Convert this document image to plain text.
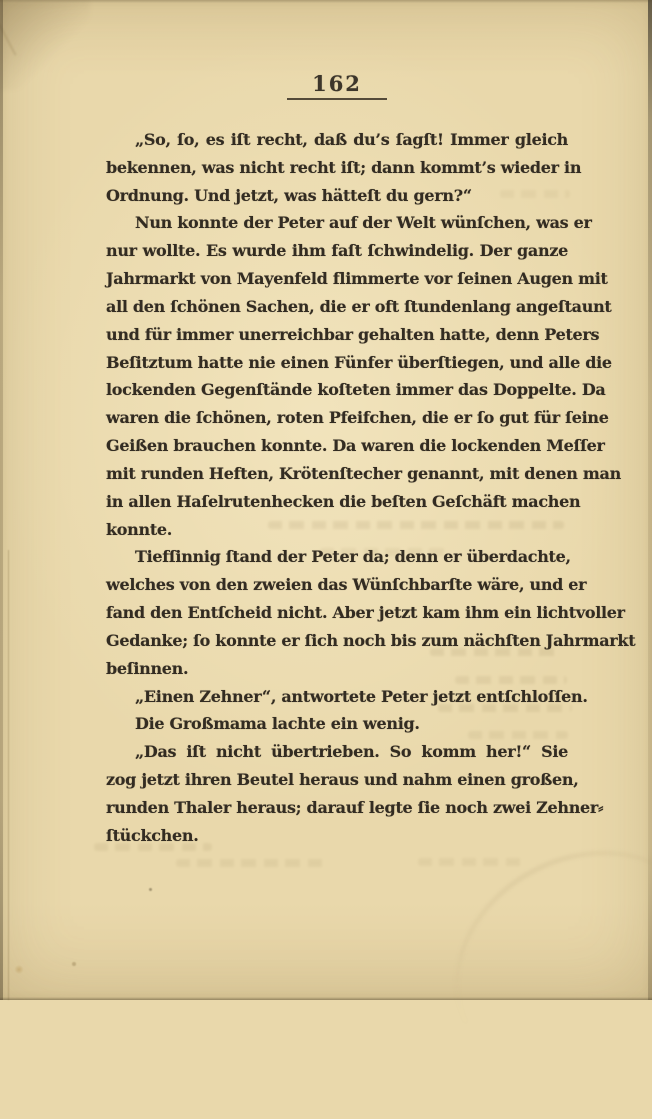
162
„So, ſo, es iſt recht, daß du’s ſagſt! Immer gleich
bekennen, was nicht recht iſt; dann kommt’s wieder in
Ordnung. Und jetzt, was hätteſt du gern?“
Nun konnte der Peter auf der Welt wünſchen, was er
nur wollte. Es wurde ihm faſt ſchwindelig. Der ganze
Jahrmarkt von Mayenfeld flimmerte vor ſeinen Augen mit
all den ſchönen Sachen, die er oft ſtundenlang angeſtaunt
und für immer unerreichbar gehalten hatte, denn Peters
Beſitztum hatte nie einen Fünfer überſtiegen, und alle die
lockenden Gegenſtände koſteten immer das Doppelte. Da
waren die ſchönen, roten Pfeifchen, die er ſo gut für ſeine
Geißen brauchen konnte. Da waren die lockenden Meſſer
mit runden Heften, Krötenſtecher genannt, mit denen man
in allen Haſelrutenhecken die beſten Geſchäft machen
konnte.
Tiefſinnig ſtand der Peter da; denn er überdachte,
welches von den zweien das Wünſchbarſte wäre, und er
fand den Entſcheid nicht. Aber jetzt kam ihm ein lichtvoller
Gedanke; ſo konnte er ſich noch bis zum nächſten Jahrmarkt
beſinnen.
„Einen Zehner“, antwortete Peter jetzt entſchloſſen.
Die Großmama lachte ein wenig.
„Das iſt nicht übertrieben. So komm her!“ Sie
zog jetzt ihren Beutel heraus und nahm einen großen,
runden Thaler heraus; darauf legte ſie noch zwei Zehner⸗
ſtückchen.
